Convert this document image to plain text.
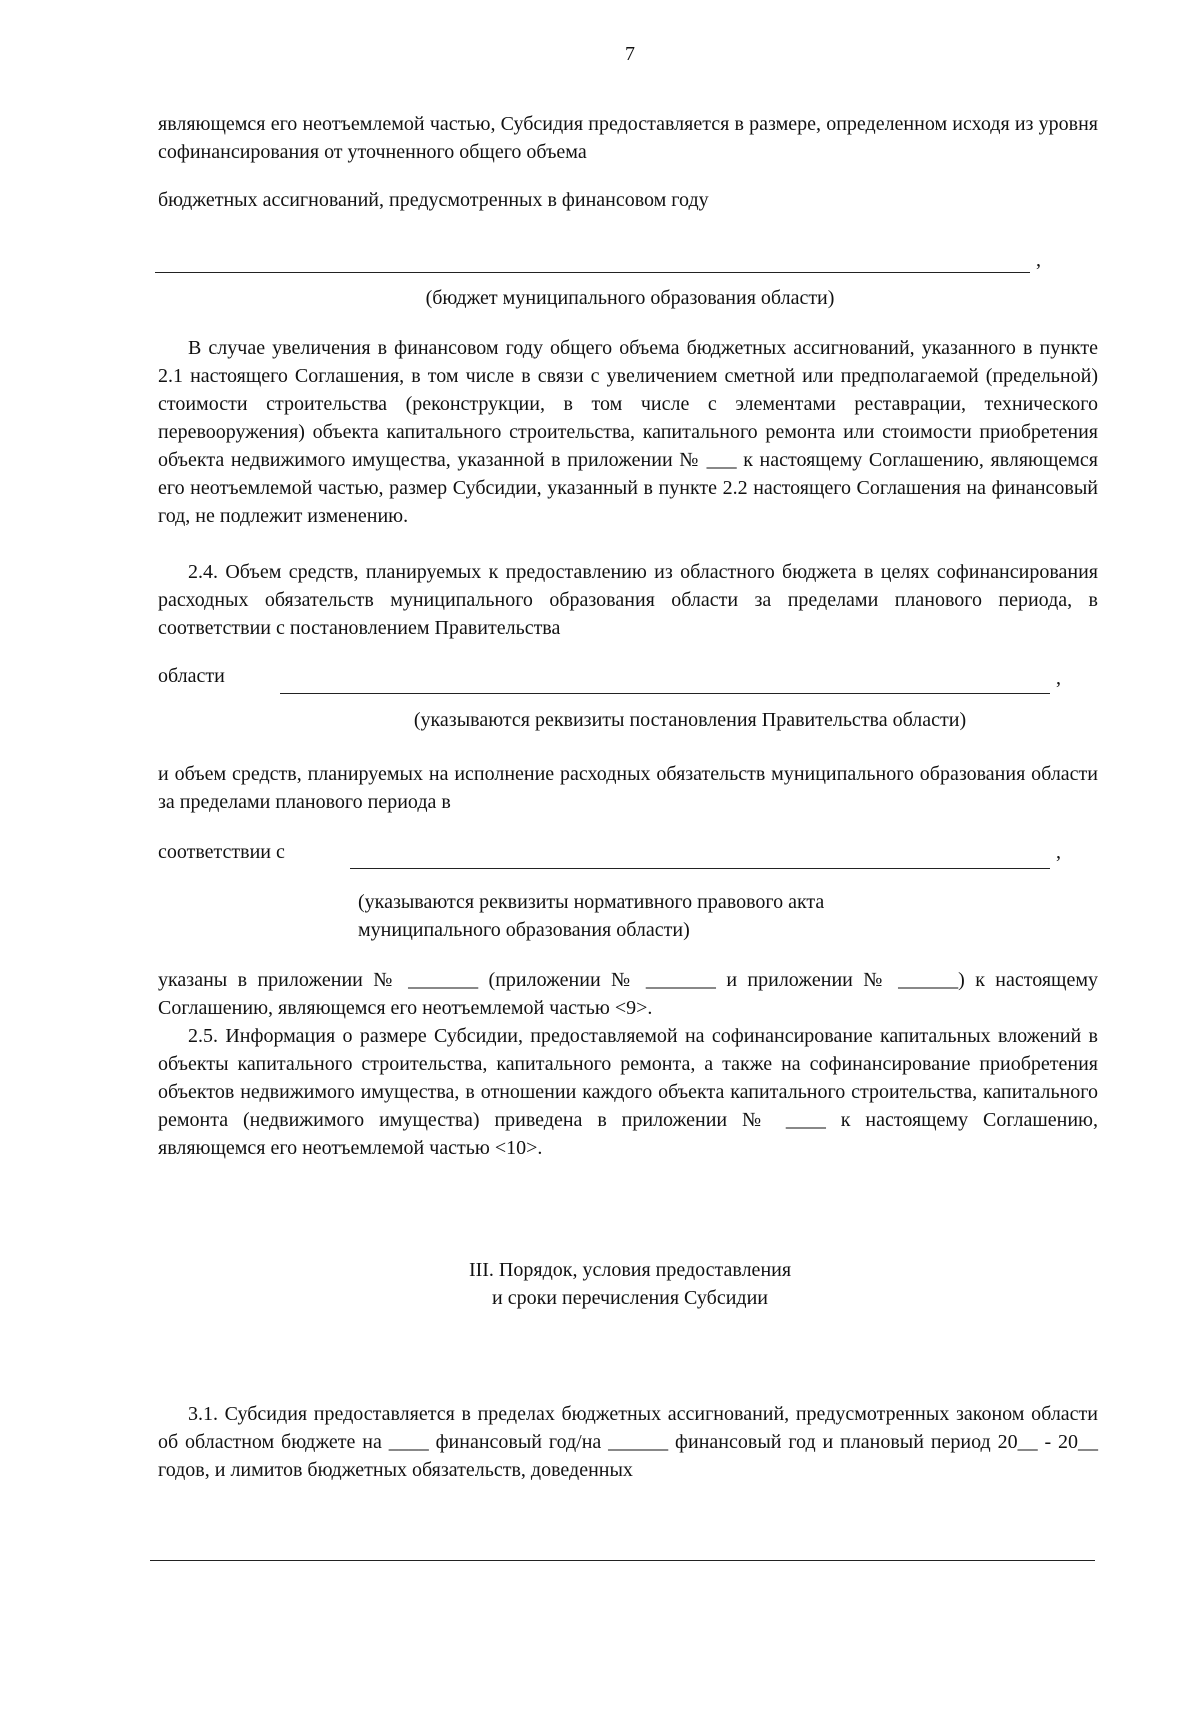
7

являющемся его неотъемлемой частью, Субсидия предоставляется в размере, определенном исходя из уровня софинансирования от уточненного общего объема

бюджетных ассигнований, предусмотренных в финансовом году

,
(бюджет муниципального образования области)

В случае увеличения в финансовом году общего объема бюджетных ассигнований, указанного в пункте 2.1 настоящего Соглашения, в том числе в связи с увеличением сметной или предполагаемой (предельной) стоимости строительства (реконструкции, в том числе с элементами реставрации, технического перевооружения) объекта капитального строительства, капитального ремонта или стоимости приобретения объекта недвижимого имущества, указанной в приложении № ___ к настоящему Соглашению, являющемся его неотъемлемой частью, размер Субсидии, указанный в пункте 2.2 настоящего Соглашения на финансовый год, не подлежит изменению.

2.4. Объем средств, планируемых к предоставлению из областного бюджета в целях софинансирования расходных обязательств муниципального образования области за пределами планового периода, в соответствии с постановлением Правительства

области	,
(указываются реквизиты постановления Правительства области)

и объем средств, планируемых на исполнение расходных обязательств муниципального образования области за пределами планового периода в

соответствии с	,
(указываются реквизиты нормативного правового акта
муниципального образования области)

указаны в приложении № _______ (приложении № _______ и приложении № ______) к настоящему Соглашению, являющемся его неотъемлемой частью <9>.

2.5. Информация о размере Субсидии, предоставляемой на софинансирование капитальных вложений в объекты капитального строительства, капитального ремонта, а также на софинансирование приобретения объектов недвижимого имущества, в отношении каждого объекта капитального строительства, капитального ремонта (недвижимого имущества) приведена в приложении № ____ к настоящему Соглашению, являющемся его неотъемлемой частью <10>.

III. Порядок, условия предоставления
и сроки перечисления Субсидии

3.1. Субсидия предоставляется в пределах бюджетных ассигнований, предусмотренных законом области об областном бюджете на ____ финансовый год/на ______ финансовый год и плановый период 20__ - 20__ годов, и лимитов бюджетных обязательств, доведенных
